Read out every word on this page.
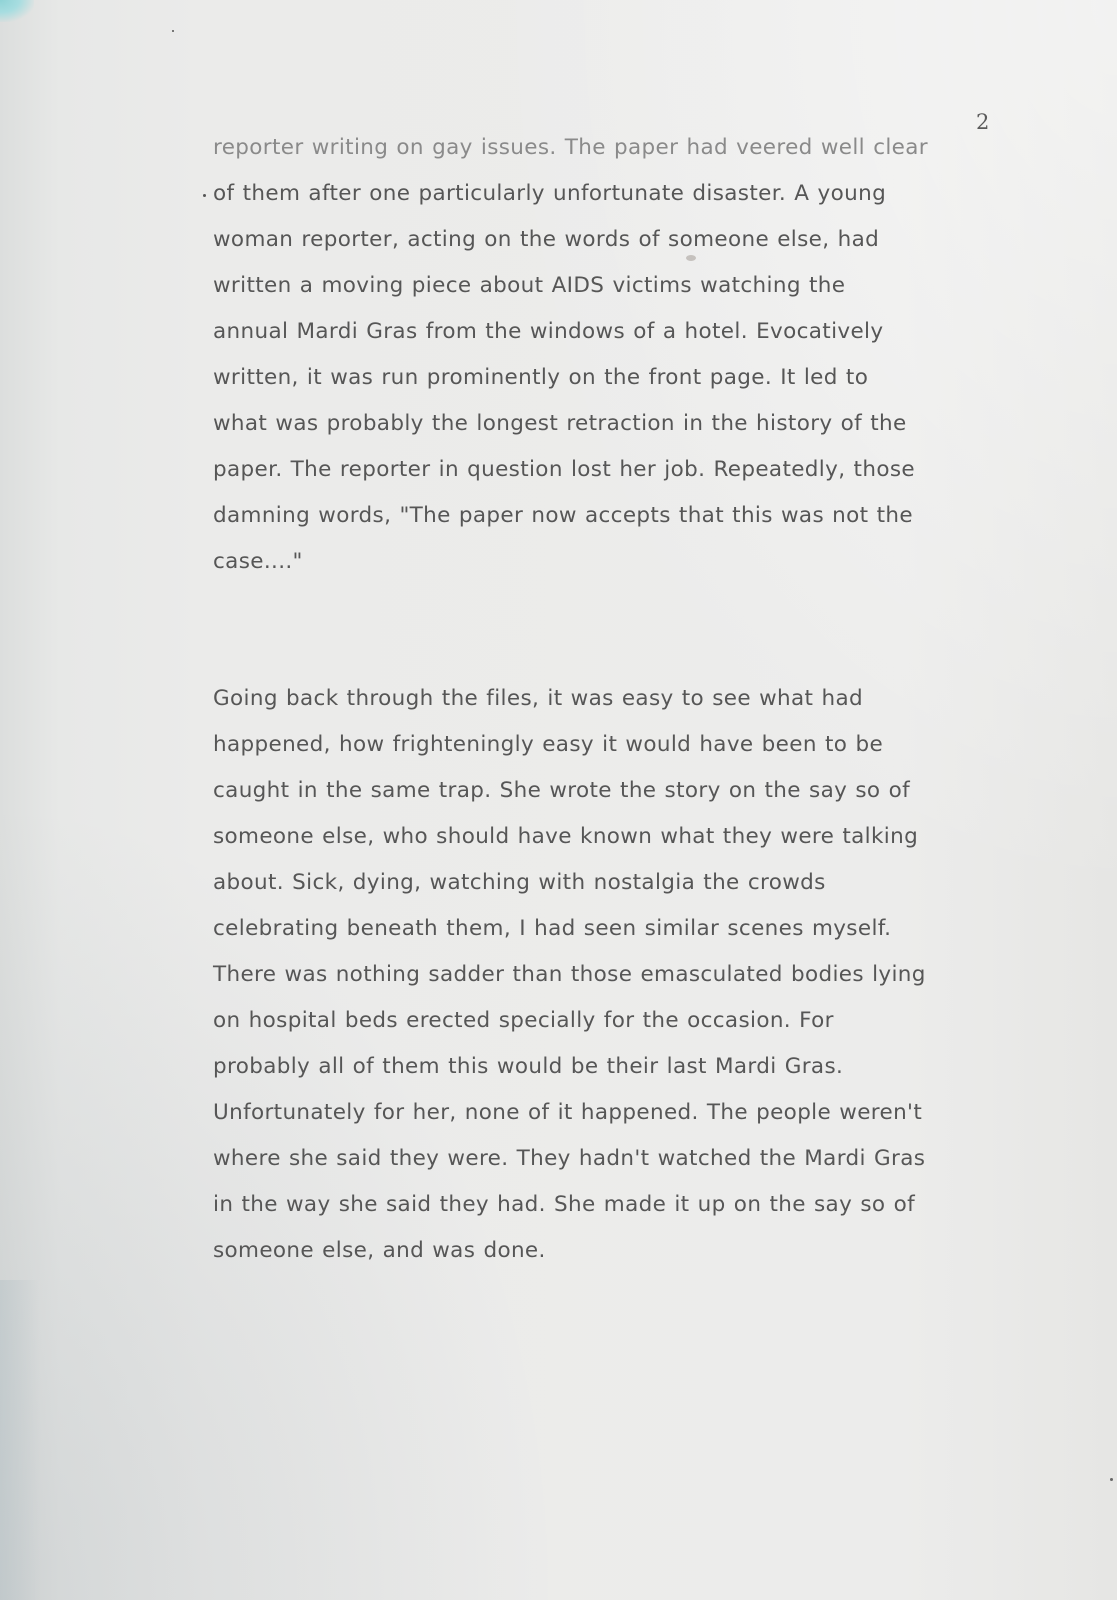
2

reporter writing on gay issues. The paper had veered well clear
of them after one particularly unfortunate disaster. A young
woman reporter, acting on the words of someone else, had
written a moving piece about AIDS victims watching the
annual Mardi Gras from the windows of a hotel. Evocatively
written, it was run prominently on the front page. It led to
what was probably the longest retraction in the history of the
paper. The reporter in question lost her job. Repeatedly, those
damning words, "The paper now accepts that this was not the
case...."

Going back through the files, it was easy to see what had
happened, how frighteningly easy it would have been to be
caught in the same trap. She wrote the story on the say so of
someone else, who should have known what they were talking
about. Sick, dying, watching with nostalgia the crowds
celebrating beneath them, I had seen similar scenes myself.
There was nothing sadder than those emasculated bodies lying
on hospital beds erected specially for the occasion. For
probably all of them this would be their last Mardi Gras.
Unfortunately for her, none of it happened. The people weren't
where she said they were. They hadn't watched the Mardi Gras
in the way she said they had. She made it up on the say so of
someone else, and was done.
